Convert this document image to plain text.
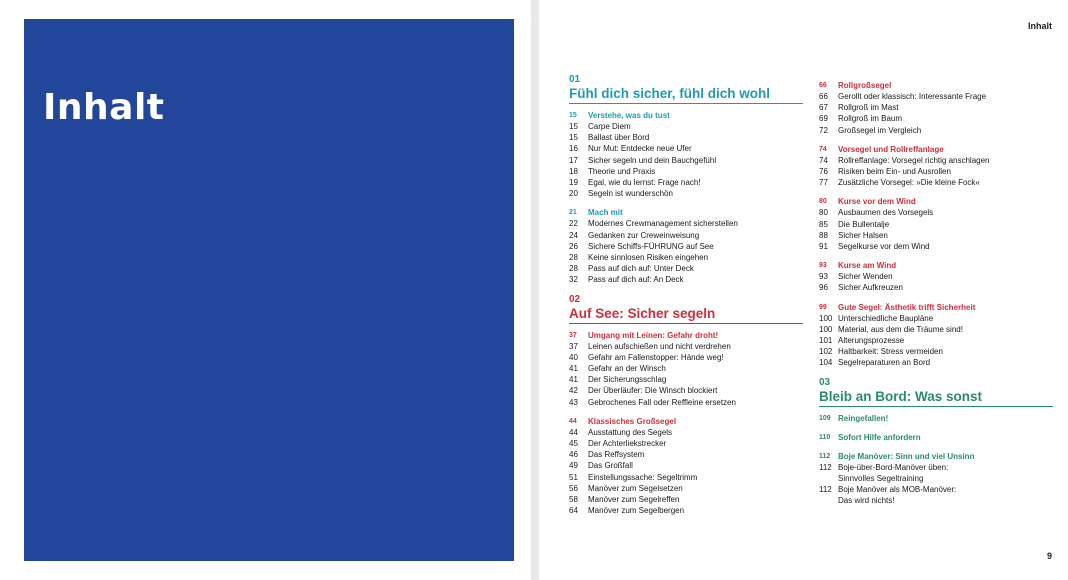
Inhalt
Inhalt
01
Fühl dich sicher, fühl dich wohl
15	Verstehe, was du tust
15	Carpe Diem
15	Ballast über Bord
16	Nur Mut: Entdecke neue Ufer
17	Sicher segeln und dein Bauchgefühl
18	Theorie und Praxis
19	Egal, wie du lernst: Frage nach!
20	Segeln ist wunderschön
21	Mach mit
22	Modernes Crewmanagement sicherstellen
24	Gedanken zur Creweinweisung
26	Sichere Schiffs-FÜHRUNG auf See
28	Keine sinnlosen Risiken eingehen
28	Pass auf dich auf: Unter Deck
32	Pass auf dich auf: An Deck
02
Auf See: Sicher segeln
37	Umgang mit Leinen: Gefahr droht!
37	Leinen aufschießen und nicht verdrehen
40	Gefahr am Fallenstopper: Hände weg!
41	Gefahr an der Winsch
41	Der Sicherungsschlag
42	Der Überläufer: Die Winsch blockiert
43	Gebrochenes Fall oder Reffleine ersetzen
44	Klassisches Großsegel
44	Ausstattung des Segels
45	Der Achterliekstrecker
46	Das Reffsystem
49	Das Großfall
51	Einstellungssache: Segeltrimm
56	Manöver zum Segelsetzen
58	Manöver zum Segelreffen
64	Manöver zum Segelbergen
66	Rollgroßsegel
66	Gerollt oder klassisch: Interessante Frage
67	Rollgroß im Mast
69	Rollgroß im Baum
72	Großsegel im Vergleich
74	Vorsegel und Rollreffanlage
74	Rollreffanlage: Vorsegel richtig anschlagen
76	Risiken beim Ein- und Ausrollen
77	Zusätzliche Vorsegel: »Die kleine Fock«
80	Kurse vor dem Wind
80	Ausbaumen des Vorsegels
85	Die Bullentalje
88	Sicher Halsen
91	Segelkurse vor dem Wind
93	Kurse am Wind
93	Sicher Wenden
96	Sicher Aufkreuzen
99	Gute Segel: Ästhetik trifft Sicherheit
100 Unterschiedliche Baupläne
100 Material, aus dem die Träume sind!
101 Alterungsprozesse
102 Haltbarkeit: Stress vermeiden
104 Segelreparaturen an Bord
03
Bleib an Bord: Was sonst
109 Reingefallen!
110 Sofort Hilfe anfordern
112 Boje Manöver: Sinn und viel Unsinn
112 Boje-über-Bord-Manöver üben:
Sinnvolles Segeltraining
112 Boje Manöver als MOB-Manöver:
Das wird nichts!
9
